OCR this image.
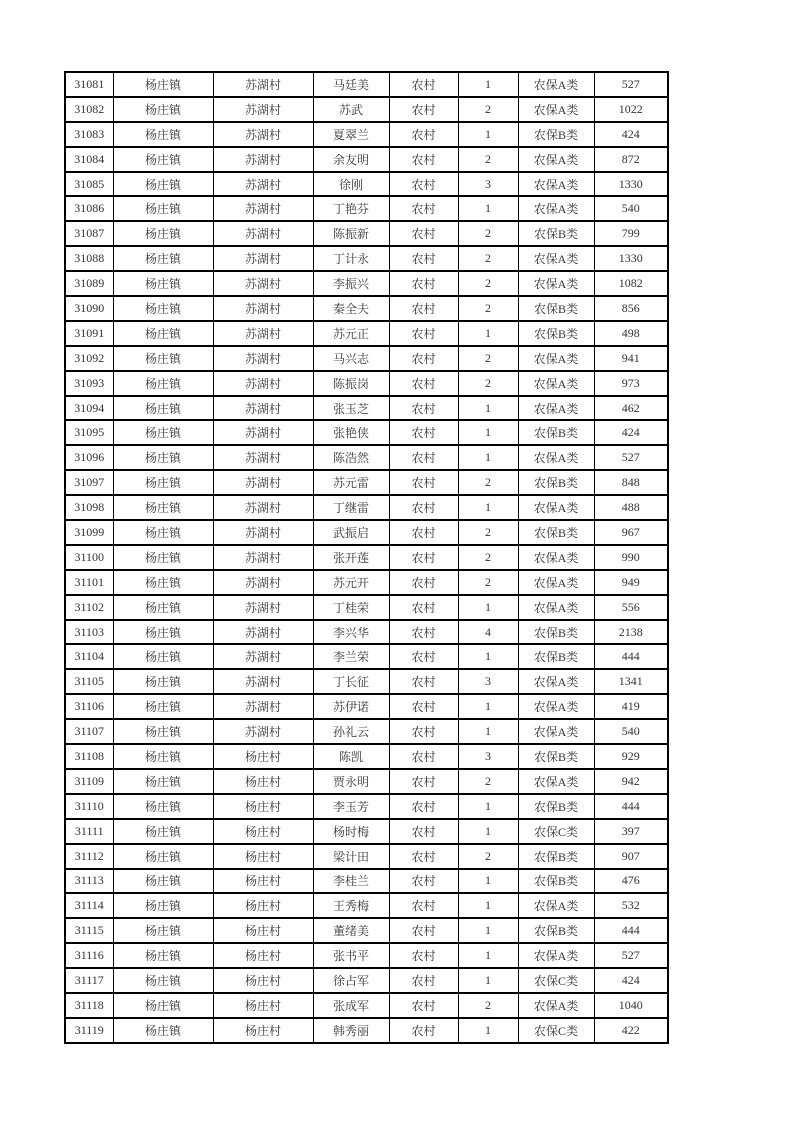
31081	杨庄镇	苏湖村	马廷美	农村	1	农保A类	527
31082	杨庄镇	苏湖村	苏武	农村	2	农保A类	1022
31083	杨庄镇	苏湖村	夏翠兰	农村	1	农保B类	424
31084	杨庄镇	苏湖村	余友明	农村	2	农保A类	872
31085	杨庄镇	苏湖村	徐刚	农村	3	农保A类	1330
31086	杨庄镇	苏湖村	丁艳芬	农村	1	农保A类	540
31087	杨庄镇	苏湖村	陈振新	农村	2	农保B类	799
31088	杨庄镇	苏湖村	丁计永	农村	2	农保A类	1330
31089	杨庄镇	苏湖村	李振兴	农村	2	农保A类	1082
31090	杨庄镇	苏湖村	秦全夫	农村	2	农保B类	856
31091	杨庄镇	苏湖村	苏元正	农村	1	农保B类	498
31092	杨庄镇	苏湖村	马兴志	农村	2	农保A类	941
31093	杨庄镇	苏湖村	陈振岗	农村	2	农保A类	973
31094	杨庄镇	苏湖村	张玉芝	农村	1	农保A类	462
31095	杨庄镇	苏湖村	张艳侠	农村	1	农保B类	424
31096	杨庄镇	苏湖村	陈浩然	农村	1	农保A类	527
31097	杨庄镇	苏湖村	苏元雷	农村	2	农保B类	848
31098	杨庄镇	苏湖村	丁继雷	农村	1	农保A类	488
31099	杨庄镇	苏湖村	武振启	农村	2	农保B类	967
31100	杨庄镇	苏湖村	张开莲	农村	2	农保A类	990
31101	杨庄镇	苏湖村	苏元开	农村	2	农保A类	949
31102	杨庄镇	苏湖村	丁桂荣	农村	1	农保A类	556
31103	杨庄镇	苏湖村	李兴华	农村	4	农保B类	2138
31104	杨庄镇	苏湖村	李兰荣	农村	1	农保B类	444
31105	杨庄镇	苏湖村	丁长征	农村	3	农保A类	1341
31106	杨庄镇	苏湖村	苏伊诺	农村	1	农保A类	419
31107	杨庄镇	苏湖村	孙礼云	农村	1	农保A类	540
31108	杨庄镇	杨庄村	陈凯	农村	3	农保B类	929
31109	杨庄镇	杨庄村	贾永明	农村	2	农保A类	942
31110	杨庄镇	杨庄村	李玉芳	农村	1	农保B类	444
31111	杨庄镇	杨庄村	杨时梅	农村	1	农保C类	397
31112	杨庄镇	杨庄村	梁计田	农村	2	农保B类	907
31113	杨庄镇	杨庄村	李桂兰	农村	1	农保B类	476
31114	杨庄镇	杨庄村	王秀梅	农村	1	农保A类	532
31115	杨庄镇	杨庄村	董绪美	农村	1	农保B类	444
31116	杨庄镇	杨庄村	张书平	农村	1	农保A类	527
31117	杨庄镇	杨庄村	徐占军	农村	1	农保C类	424
31118	杨庄镇	杨庄村	张成军	农村	2	农保A类	1040
31119	杨庄镇	杨庄村	韩秀丽	农村	1	农保C类	422
